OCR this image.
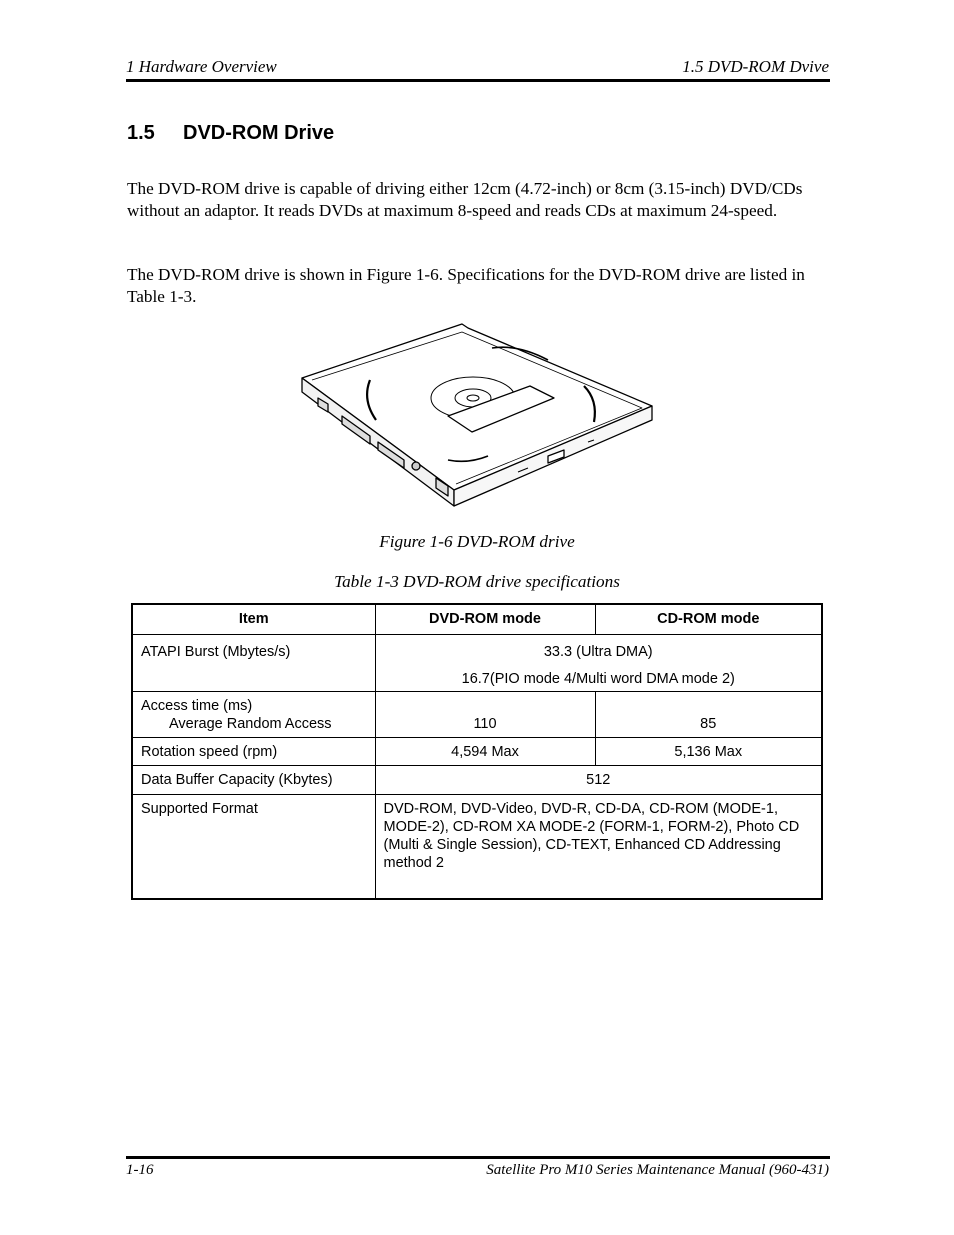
1 Hardware Overview	1.5 DVD-ROM Dvive
1.5 DVD-ROM Drive

The DVD-ROM drive is capable of driving either 12cm (4.72-inch) or 8cm (3.15-inch) DVD/CDs without an adaptor. It reads DVDs at maximum 8-speed and reads CDs at maximum 24-speed.

The DVD-ROM drive is shown in Figure 1-6. Specifications for the DVD-ROM drive are listed in Table 1-3.

Figure 1-6 DVD-ROM drive
Table 1-3 DVD-ROM drive specifications
Item	DVD-ROM mode	CD-ROM mode

ATAPI Burst (Mbytes/s)	33.3 (Ultra DMA)
16.7(PIO mode 4/Multi word DMA mode 2)	

Access time (ms)
Average Random Access	110	85

Rotation speed (rpm)	4,594 Max	5,136 Max

Data Buffer Capacity (Kbytes)	512	

Supported Format	DVD-ROM, DVD-Video, DVD-R, CD-DA, CD-ROM (MODE-1, MODE-2), CD-ROM XA MODE-2 (FORM-1, FORM-2), Photo CD (Multi & Single Session), CD-TEXT, Enhanced CD Addressing method 2	
1-16	Satellite Pro M10 Series Maintenance Manual (960-431)
